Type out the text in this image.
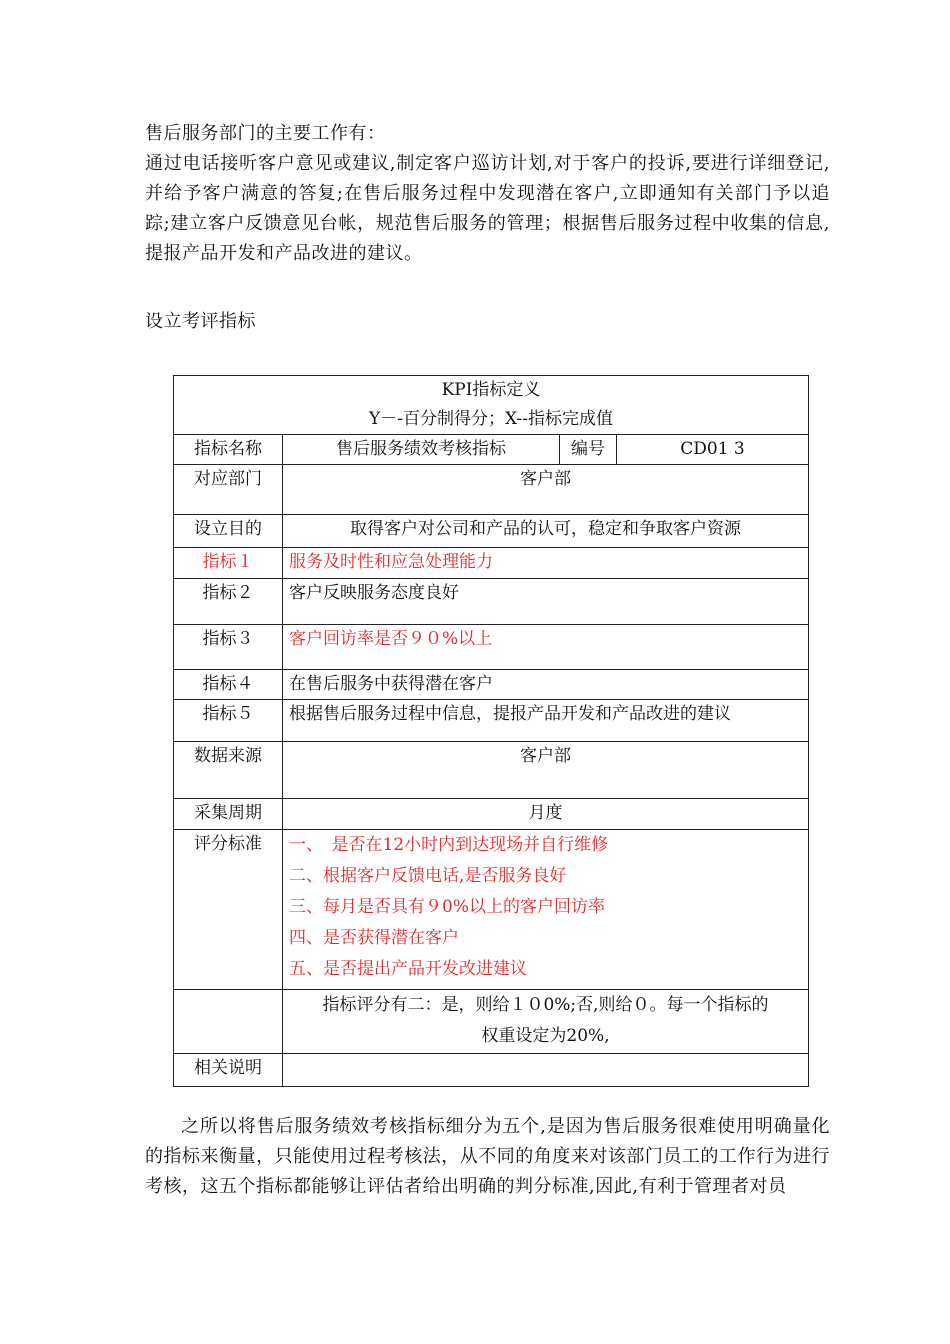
售后服务部门的主要工作有：
通过电话接听客户意见或建议,制定客户巡访计划,对于客户的投诉,要进行详细登记,并给予客户满意的答复;在售后服务过程中发现潜在客户,立即通知有关部门予以追踪;建立客户反馈意见台帐，规范售后服务的管理；根据售后服务过程中收集的信息,提报产品开发和产品改进的建议。
设立考评指标
KPI指标定义
Y－-百分制得分；X--指标完成值			

指标名称	售后服务绩效考核指标	编号	CD01 3
对应部门	客户部		
设立目的	取得客户对公司和产品的认可，稳定和争取客户资源		
指标１	服务及时性和应急处理能力		
指标２	客户反映服务态度良好		
指标３	客户回访率是否９０%以上		
指标４	在售后服务中获得潜在客户		
指标５	根据售后服务过程中信息，提报产品开发和产品改进的建议		
数据来源	客户部		
采集周期	月度		
评分标准	一、　是否在12小时内到达现场并自行维修
二、根据客户反馈电话,是否服务良好
三、每月是否具有９0%以上的客户回访率
四、是否获得潜在客户
五、是否提出产品开发改进建议		

	指标评分有二：是，则给１０0%;否,则给０。每一个指标的
权重设定为20%,		

相关说明			
之所以将售后服务绩效考核指标细分为五个,是因为售后服务很难使用明确量化的指标来衡量，只能使用过程考核法，从不同的角度来对该部门员工的工作行为进行考核，这五个指标都能够让评估者给出明确的判分标准,因此,有利于管理者对员
